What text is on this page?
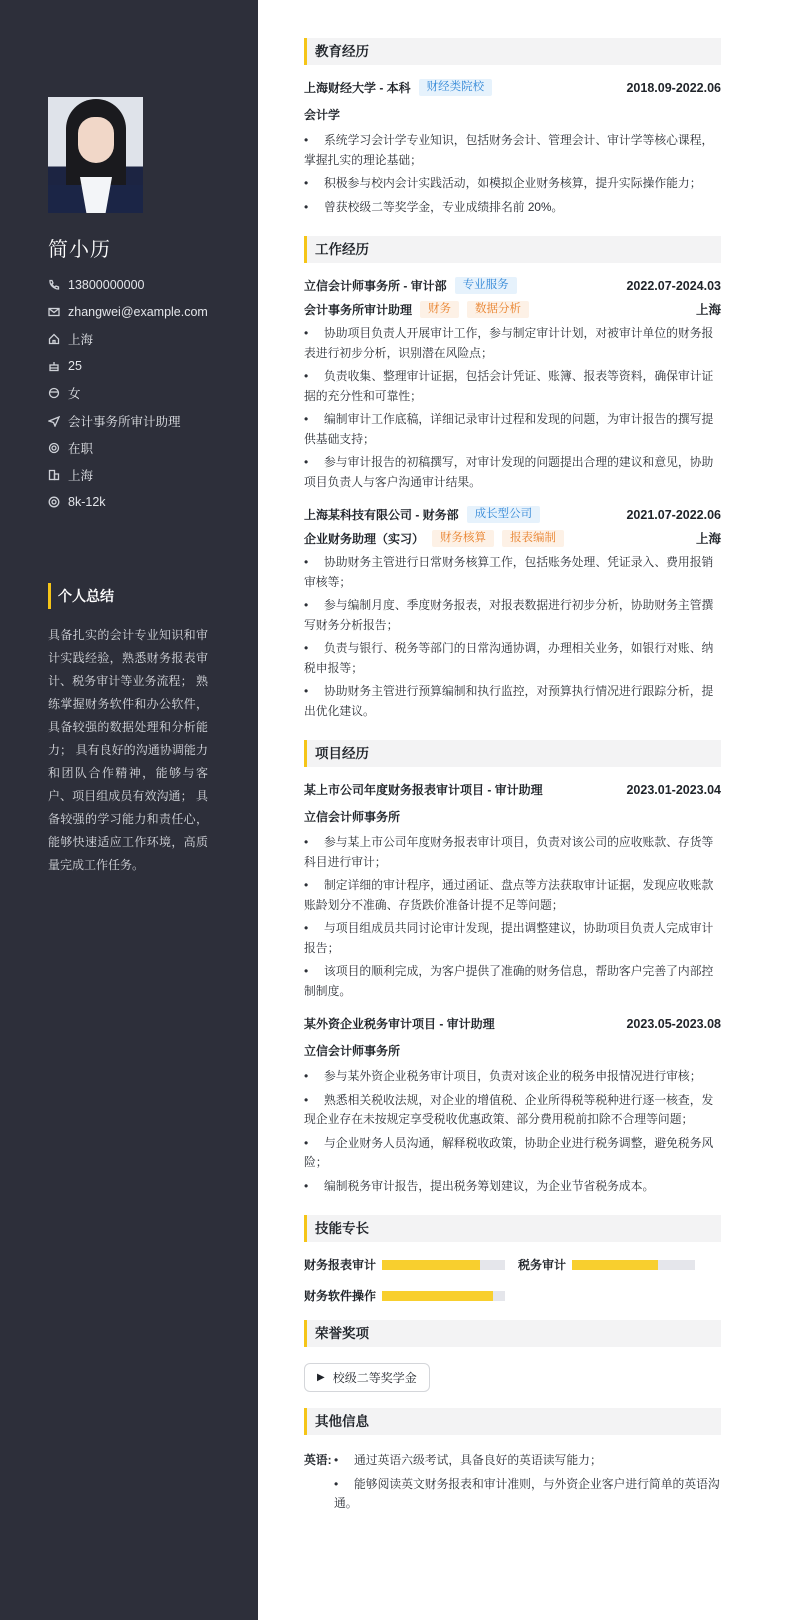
简小历
13800000000
zhangwei@example.com
上海
25
女
会计事务所审计助理
在职
上海
8k-12k
个人总结
具备扎实的会计专业知识和审计实践经验，熟悉财务报表审计、税务审计等业务流程； 熟练掌握财务软件和办公软件，具备较强的数据处理和分析能力； 具有良好的沟通协调能力和团队合作精神，能够与客户、项目组成员有效沟通； 具备较强的学习能力和责任心，能够快速适应工作环境，高质量完成工作任务。
教育经历
上海财经大学 - 本科	财经类院校	2018.09-2022.06
会计学
• 系统学习会计学专业知识，包括财务会计、管理会计、审计学等核心课程，掌握扎实的理论基础；
• 积极参与校内会计实践活动，如模拟企业财务核算，提升实际操作能力；
• 曾获校级二等奖学金，专业成绩排名前 20%。
工作经历
立信会计师事务所 - 审计部	专业服务	2022.07-2024.03
会计事务所审计助理	财务	数据分析	上海
• 协助项目负责人开展审计工作，参与制定审计计划，对被审计单位的财务报表进行初步分析，识别潜在风险点；
• 负责收集、整理审计证据，包括会计凭证、账簿、报表等资料，确保审计证据的充分性和可靠性；
• 编制审计工作底稿，详细记录审计过程和发现的问题，为审计报告的撰写提供基础支持；
• 参与审计报告的初稿撰写，对审计发现的问题提出合理的建议和意见，协助项目负责人与客户沟通审计结果。
上海某科技有限公司 - 财务部	成长型公司	2021.07-2022.06
企业财务助理（实习）	财务核算	报表编制	上海
• 协助财务主管进行日常财务核算工作，包括账务处理、凭证录入、费用报销审核等；
• 参与编制月度、季度财务报表，对报表数据进行初步分析，协助财务主管撰写财务分析报告；
• 负责与银行、税务等部门的日常沟通协调，办理相关业务，如银行对账、纳税申报等；
• 协助财务主管进行预算编制和执行监控，对预算执行情况进行跟踪分析，提出优化建议。
项目经历
某上市公司年度财务报表审计项目 - 审计助理	2023.01-2023.04
立信会计师事务所
• 参与某上市公司年度财务报表审计项目，负责对该公司的应收账款、存货等科目进行审计；
• 制定详细的审计程序，通过函证、盘点等方法获取审计证据，发现应收账款账龄划分不准确、存货跌价准备计提不足等问题；
• 与项目组成员共同讨论审计发现，提出调整建议，协助项目负责人完成审计报告；
• 该项目的顺利完成，为客户提供了准确的财务信息，帮助客户完善了内部控制制度。
某外资企业税务审计项目 - 审计助理	2023.05-2023.08
立信会计师事务所
• 参与某外资企业税务审计项目，负责对该企业的税务申报情况进行审核；
• 熟悉相关税收法规，对企业的增值税、企业所得税等税种进行逐一核查，发现企业存在未按规定享受税收优惠政策、部分费用税前扣除不合理等问题；
• 与企业财务人员沟通，解释税收政策，协助企业进行税务调整，避免税务风险；
• 编制税务审计报告，提出税务筹划建议，为企业节省税务成本。
技能专长
财务报表审计	税务审计
财务软件操作
荣誉奖项
▶ 校级二等奖学金
其他信息
英语:	• 通过英语六级考试，具备良好的英语读写能力；
• 能够阅读英文财务报表和审计准则，与外资企业客户进行简单的英语沟通。
